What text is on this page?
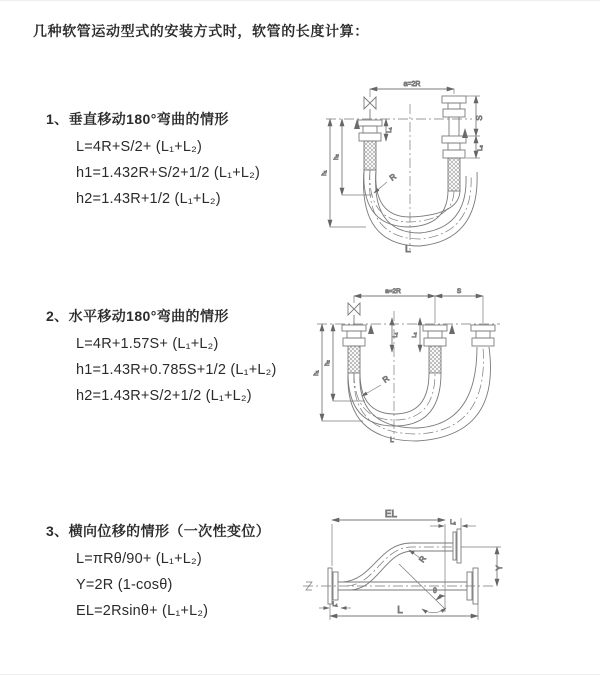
几种软管运动型式的安装方式时，软管的长度计算：
1、垂直移动180°弯曲的情形
L=4R+S/2+ (L₁+L₂)
h1=1.432R+S/2+1/2 (L₁+L₂)
h2=1.43R+1/2 (L₁+L₂)
a=2R
S
L₂
L₁
h₁
h₂
R
L
2、水平移动180°弯曲的情形
L=4R+1.57S+ (L₁+L₂)
h1=1.43R+0.785S+1/2 (L₁+L₂)
h2=1.43R+S/2+1/2 (L₁+L₂)
a=2R	S
L₁ L₂
h₁
h₂
R
L
3、横向位移的情形（一次性变位）
L=πRθ/90+ (L₁+L₂)
Y=2R (1-cosθ)
EL=2Rsinθ+ (L₁+L₂)
EL
L₂
Y
R
θ
L₁	L
